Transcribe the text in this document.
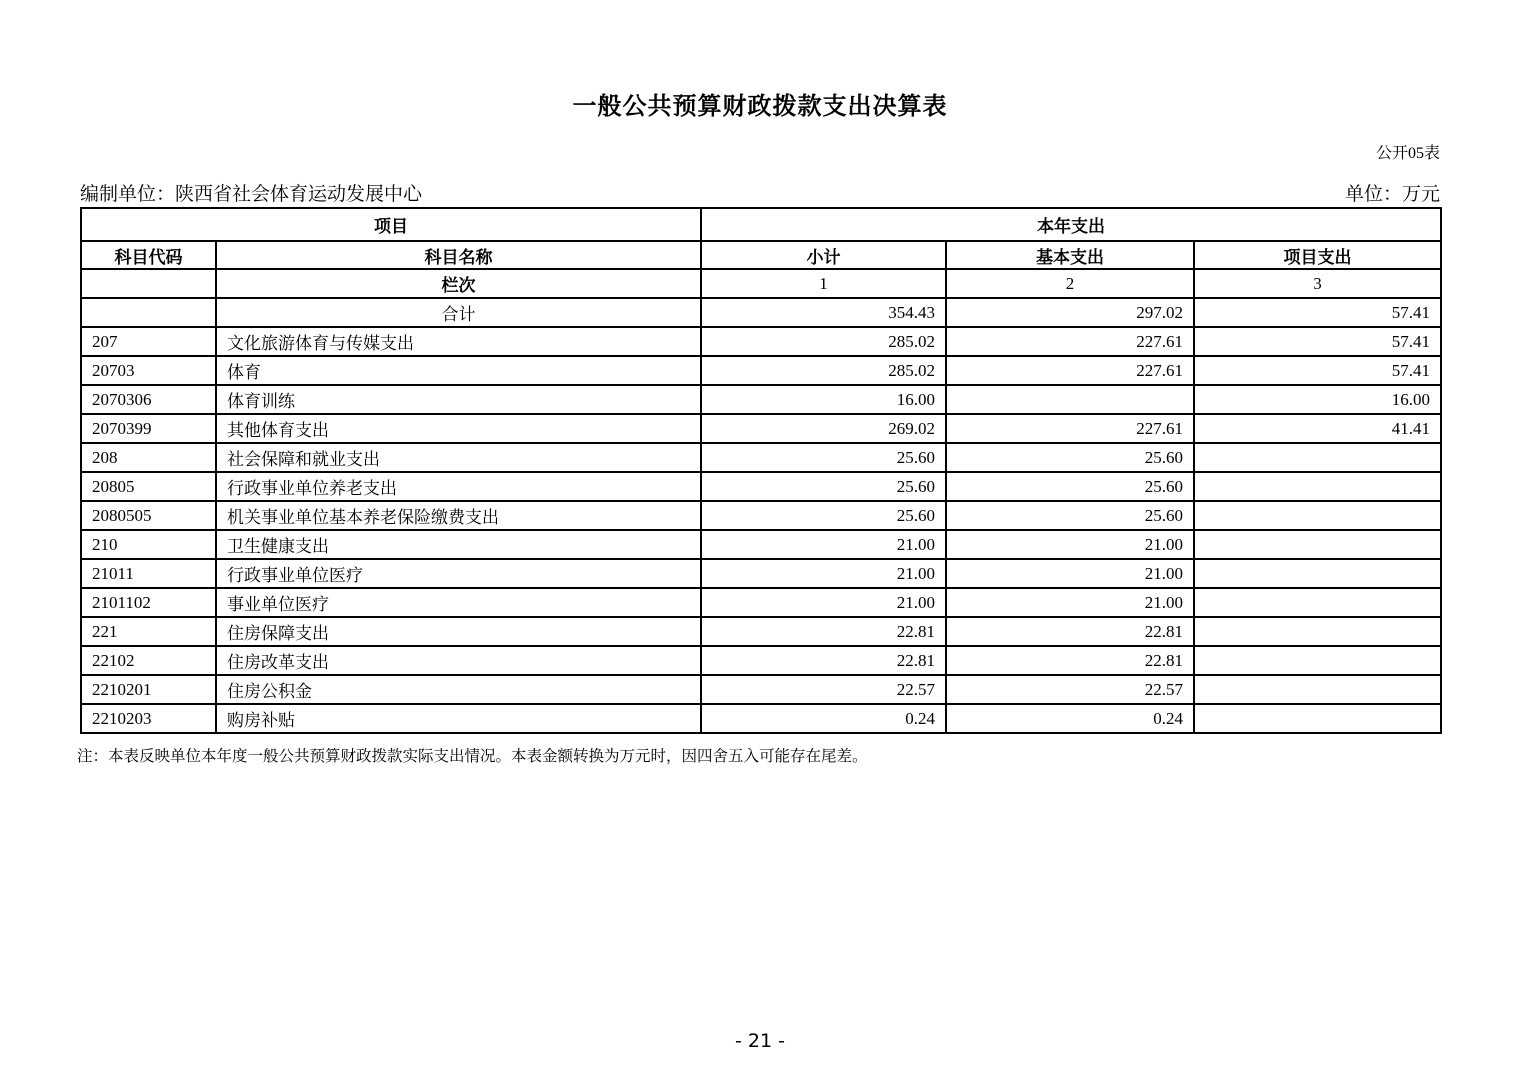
一般公共预算财政拨款支出决算表
公开05表
编制单位：陕西省社会体育运动发展中心	单位：万元
项目		本年支出		
科目代码	科目名称	小计	基本支出	项目支出
	栏次	1	2	3
	合计	354.43	297.02	57.41
207	文化旅游体育与传媒支出	285.02	227.61	57.41
20703	体育	285.02	227.61	57.41
2070306	体育训练	16.00		16.00
2070399	其他体育支出	269.02	227.61	41.41
208	社会保障和就业支出	25.60	25.60	
20805	行政事业单位养老支出	25.60	25.60	
2080505	机关事业单位基本养老保险缴费支出	25.60	25.60	
210	卫生健康支出	21.00	21.00	
21011	行政事业单位医疗	21.00	21.00	
2101102	事业单位医疗	21.00	21.00	
221	住房保障支出	22.81	22.81	
22102	住房改革支出	22.81	22.81	
2210201	住房公积金	22.57	22.57	
2210203	购房补贴	0.24	0.24	
注：本表反映单位本年度一般公共预算财政拨款实际支出情况。本表金额转换为万元时，因四舍五入可能存在尾差。
- 21 -
